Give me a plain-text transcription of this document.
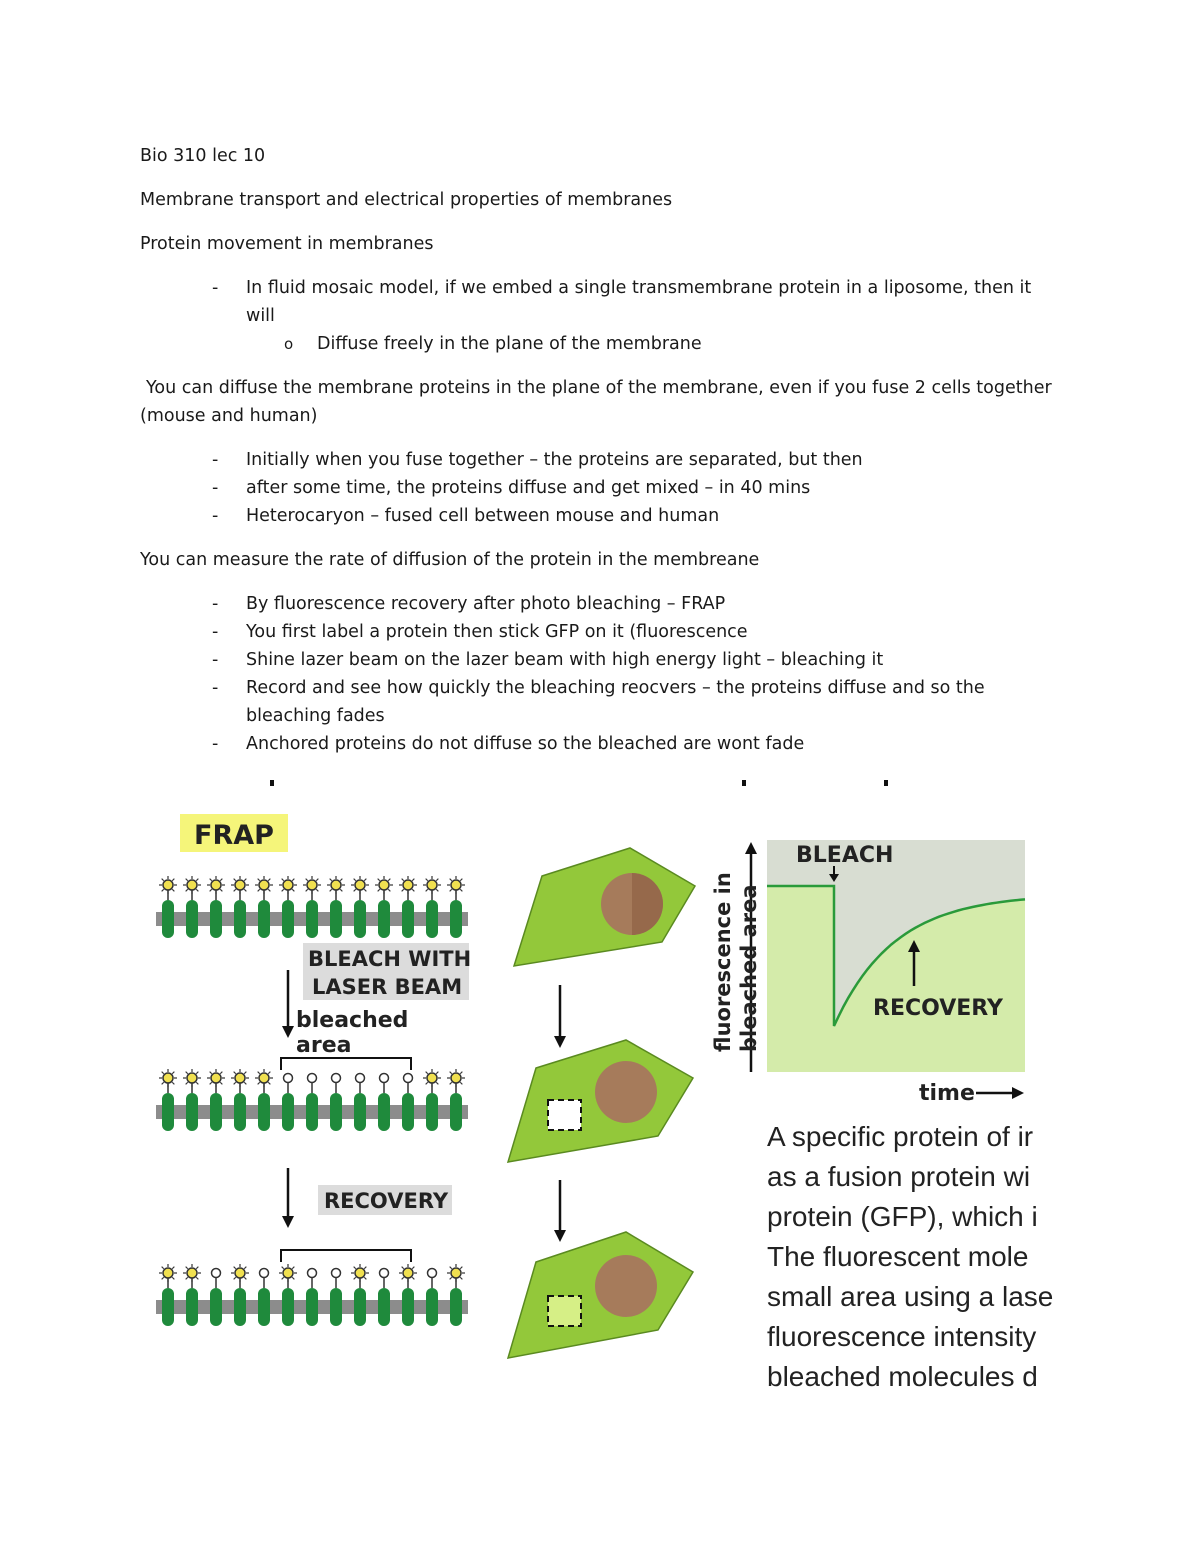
Bio 310 lec 10

Membrane transport and electrical properties of membranes

Protein movement in membranes

- In fluid mosaic model, if we embed a single transmembrane protein in a liposome, then it will
o Diffuse freely in the plane of the membrane

You can diffuse the membrane proteins in the plane of the membrane, even if you fuse 2 cells together (mouse and human)

- Initially when you fuse together – the proteins are separated, but then
- after some time, the proteins diffuse and get mixed – in 40 mins
- Heterocaryon – fused cell between mouse and human

You can measure the rate of diffusion of the protein in the membreane

- By fluorescence recovery after photo bleaching – FRAP
- You first label a protein then stick GFP on it (fluorescence
- Shine lazer beam on the lazer beam with high energy light – bleaching it
- Record and see how quickly the bleaching reocvers – the proteins diffuse and so the bleaching fades
- Anchored proteins do not diffuse so the bleached are wont fade
FRAP
BLEACH WITH
LASER BEAM
bleached
area
RECOVERY
BLEACH
RECOVERY
fluorescence in bleached area
time
A specific protein of ir
as a fusion protein wi
protein (GFP), which i
The fluorescent mole
small area using a lase
fluorescence intensity
bleached molecules d
